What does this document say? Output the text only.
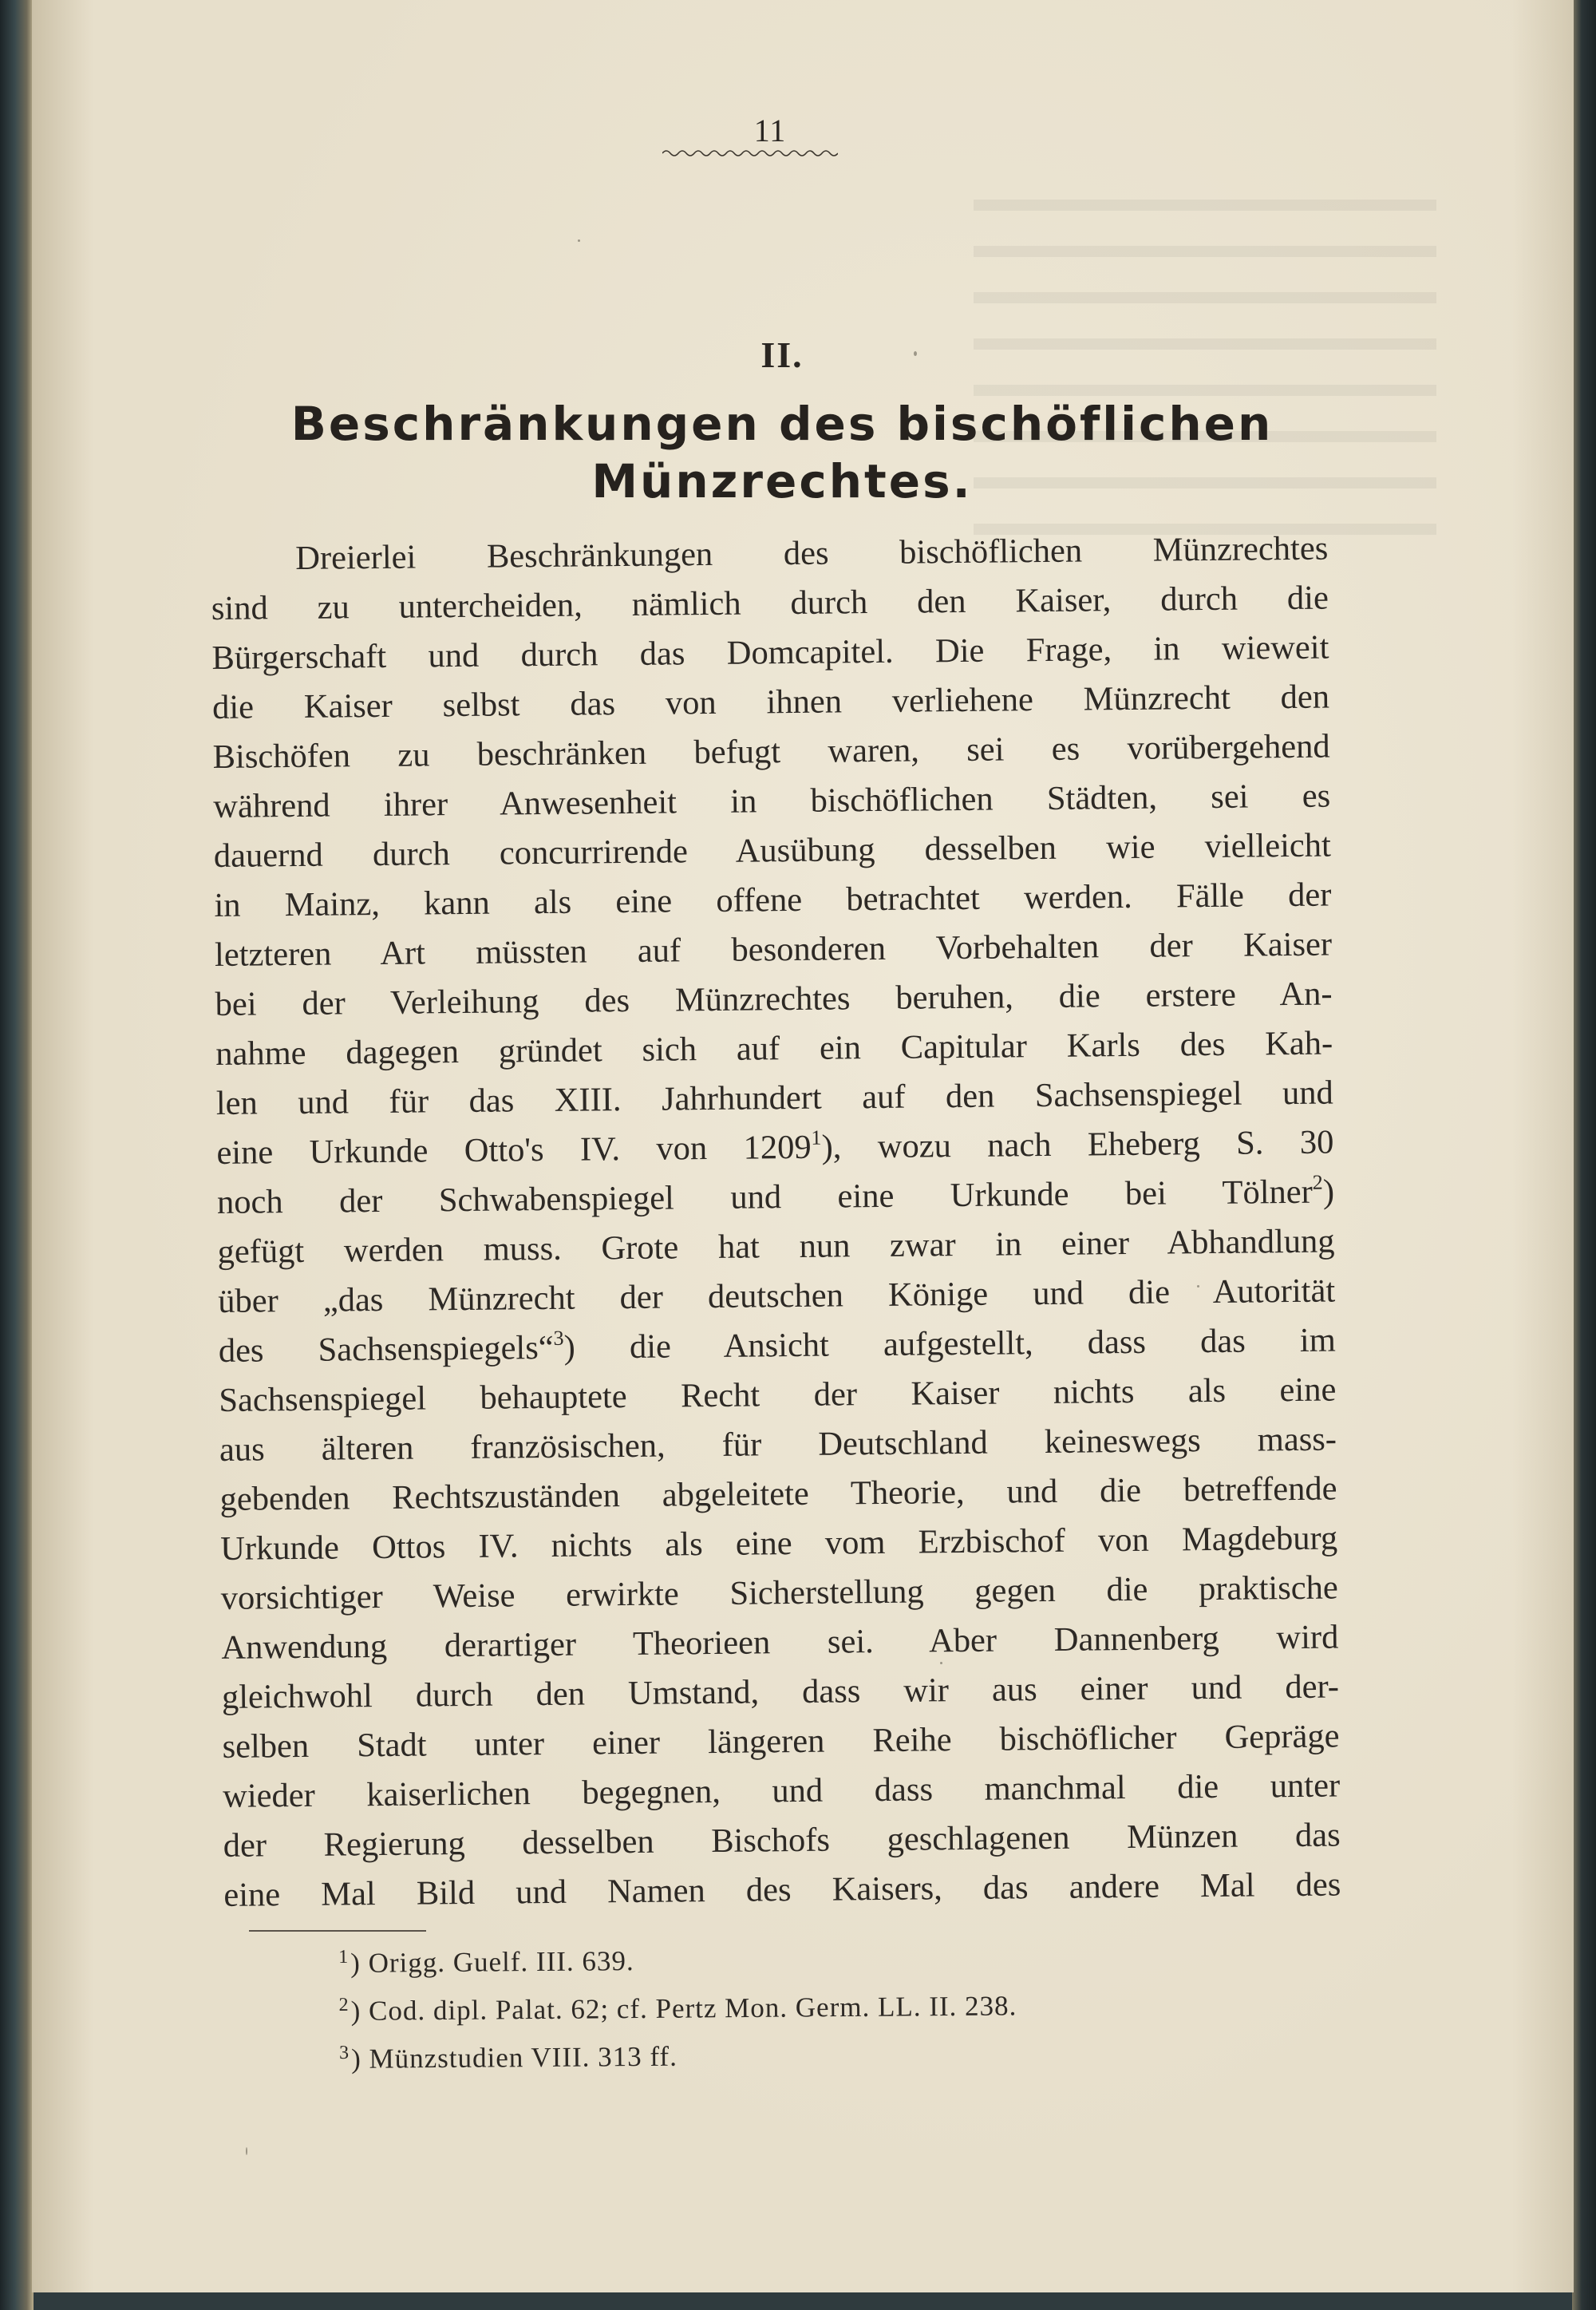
11
II.
Beschränkungen des bischöflichen
Münzrechtes.
Dreierlei Beschränkungen des bischöflichen Münzrechtes
sind zu untercheiden, nämlich durch den Kaiser, durch die
Bürgerschaft und durch das Domcapitel. Die Frage, in wieweit
die Kaiser selbst das von ihnen verliehene Münzrecht den
Bischöfen zu beschränken befugt waren, sei es vorübergehend
während ihrer Anwesenheit in bischöflichen Städten, sei es
dauernd durch concurrirende Ausübung desselben wie vielleicht
in Mainz, kann als eine offene betrachtet werden. Fälle der
letzteren Art müssten auf besonderen Vorbehalten der Kaiser
bei der Verleihung des Münzrechtes beruhen, die erstere An-
nahme dagegen gründet sich auf ein Capitular Karls des Kah-
len und für das XIII. Jahrhundert auf den Sachsenspiegel und
eine Urkunde Otto's IV. von 1209$^1$), wozu nach Eheberg S. 30
noch der Schwabenspiegel und eine Urkunde bei Tölner$^2$)
gefügt werden muss. Grote hat nun zwar in einer Abhandlung
über „das Münzrecht der deutschen Könige und die Autorität
des Sachsenspiegels“$^3$) die Ansicht aufgestellt, dass das im
Sachsenspiegel behauptete Recht der Kaiser nichts als eine
aus älteren französischen, für Deutschland keineswegs mass-
gebenden Rechtszuständen abgeleitete Theorie, und die betreffende
Urkunde Ottos IV. nichts als eine vom Erzbischof von Magdeburg
vorsichtiger Weise erwirkte Sicherstellung gegen die praktische
Anwendung derartiger Theorieen sei. Aber Dannenberg wird
gleichwohl durch den Umstand, dass wir aus einer und der-
selben Stadt unter einer längeren Reihe bischöflicher Gepräge
wieder kaiserlichen begegnen, und dass manchmal die unter
der Regierung desselben Bischofs geschlagenen Münzen das
eine Mal Bild und Namen des Kaisers, das andere Mal des
$^1$) Origg. Guelf. III. 639.
$^2$) Cod. dipl. Palat. 62; cf. Pertz Mon. Germ. LL. II. 238.
$^3$) Münzstudien VIII. 313 ff.
